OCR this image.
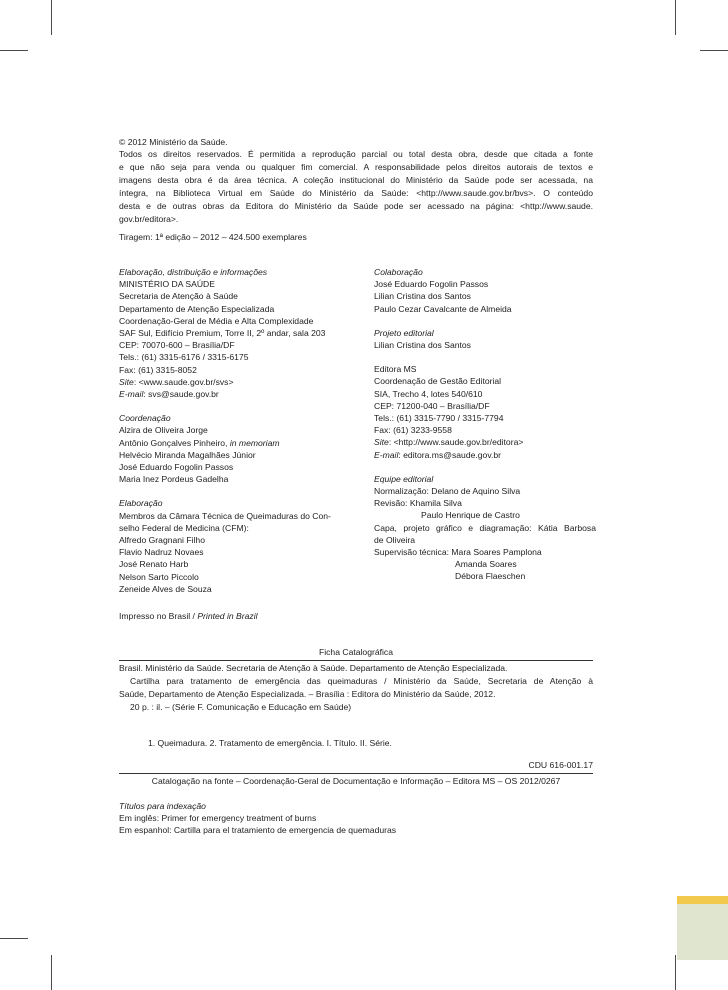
© 2012 Ministério da Saúde.
Todos os direitos reservados. É permitida a reprodução parcial ou total desta obra, desde que citada a fonte
e que não seja para venda ou qualquer fim comercial. A responsabilidade pelos direitos autorais de textos e
imagens desta obra é da área técnica. A coleção institucional do Ministério da Saúde pode ser acessada, na
íntegra, na Biblioteca Virtual em Saúde do Ministério da Saúde: <http://www.saude.gov.br/bvs>. O conteúdo
desta e de outras obras da Editora do Ministério da Saúde pode ser acessado na página: <http://www.saude.
gov.br/editora>.
Tiragem: 1ª edição – 2012 – 424.500 exemplares
Elaboração, distribuição e informações
MINISTÉRIO DA SAÚDE
Secretaria de Atenção à Saúde
Departamento de Atenção Especializada
Coordenação-Geral de Média e Alta Complexidade
SAF Sul, Edifício Premium, Torre II, 2º andar, sala 203
CEP: 70070-600 – Brasília/DF
Tels.: (61) 3315-6176 / 3315-6175
Fax: (61) 3315-8052
Site: <www.saude.gov.br/svs>
E-mail: svs@saude.gov.br
Coordenação
Alzira de Oliveira Jorge
Antônio Gonçalves Pinheiro, in memoriam
Helvécio Miranda Magalhães Júnior
José Eduardo Fogolin Passos
Maria Inez Pordeus Gadelha
Elaboração
Membros da Câmara Técnica de Queimaduras do Con-
selho Federal de Medicina (CFM):
Alfredo Gragnani Filho
Flavio Nadruz Novaes
José Renato Harb
Nelson Sarto Piccolo
Zeneide Alves de Souza
Impresso no Brasil / Printed in Brazil
Colaboração
José Eduardo Fogolin Passos
Lilian Cristina dos Santos
Paulo Cezar Cavalcante de Almeida
Projeto editorial
Lilian Cristina dos Santos
Editora MS
Coordenação de Gestão Editorial
SIA, Trecho 4, lotes 540/610
CEP: 71200-040 – Brasília/DF
Tels.: (61) 3315-7790 / 3315-7794
Fax: (61) 3233-9558
Site: <http://www.saude.gov.br/editora>
E-mail: editora.ms@saude.gov.br
Equipe editorial
Normalização: Delano de Aquino Silva
Revisão: Khamila Silva
Paulo Henrique de Castro
Capa, projeto gráfico e diagramação: Kátia Barbosa
de Oliveira
Supervisão técnica: Mara Soares Pamplona
Amanda Soares
Débora Flaeschen
Ficha Catalográfica
Brasil. Ministério da Saúde. Secretaria de Atenção à Saúde. Departamento de Atenção Especializada.
Cartilha para tratamento de emergência das queimaduras / Ministério da Saúde, Secretaria de Atenção à
Saúde, Departamento de Atenção Especializada. – Brasília : Editora do Ministério da Saúde, 2012.
20 p. : il. – (Série F. Comunicação e Educação em Saúde)
1. Queimadura. 2. Tratamento de emergência. I. Título. II. Série.
CDU 616-001.17
Catalogação na fonte – Coordenação-Geral de Documentação e Informação – Editora MS – OS 2012/0267
Títulos para indexação
Em inglês: Primer for emergency treatment of burns
Em espanhol: Cartilla para el tratamiento de emergencia de quemaduras
